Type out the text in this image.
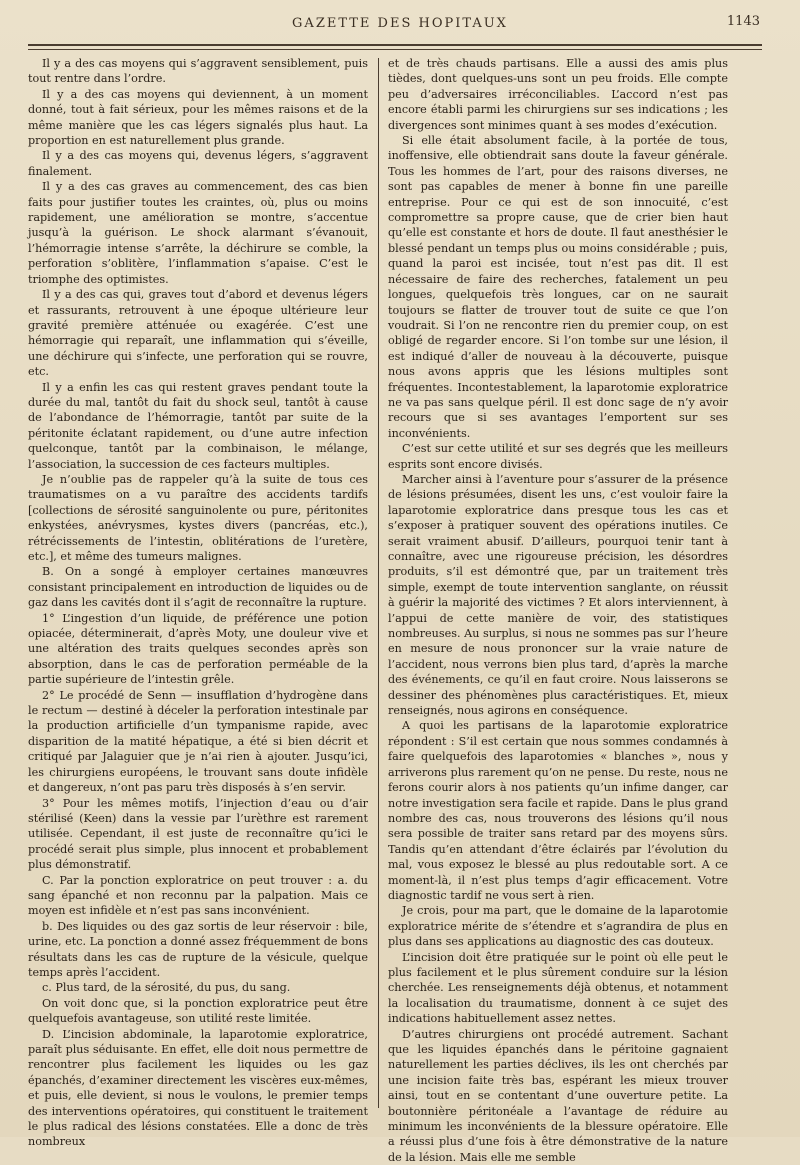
GAZETTE DES HOPITAUX	1143

Il y a des cas moyens qui s’aggravent sensiblement, puis tout rentre dans l’ordre.

Il y a des cas moyens qui deviennent, à un moment donné, tout à fait sérieux, pour les mêmes raisons et de la même manière que les cas légers signalés plus haut. La proportion en est naturellement plus grande.

Il y a des cas moyens qui, devenus légers, s’aggravent finalement.

Il y a des cas graves au commencement, des cas bien faits pour justifier toutes les craintes, où, plus ou moins rapidement, une amélioration se montre, s’accentue jusqu’à la guérison. Le shock alarmant s’évanouit, l’hémorragie intense s’arrête, la déchirure se comble, la perforation s’oblitère, l’inflammation s’apaise. C’est le triomphe des optimistes.

Il y a des cas qui, graves tout d’abord et devenus légers et rassurants, retrouvent à une époque ultérieure leur gravité première atténuée ou exagérée. C’est une hémorragie qui reparaît, une inflammation qui s’éveille, une déchirure qui s’infecte, une perforation qui se rouvre, etc.

Il y a enfin les cas qui restent graves pendant toute la durée du mal, tantôt du fait du shock seul, tantôt à cause de l’abondance de l’hémorragie, tantôt par suite de la péritonite éclatant rapidement, ou d’une autre infection quelconque, tantôt par la combinaison, le mélange, l’association, la succession de ces facteurs multiples.

Je n’oublie pas de rappeler qu’à la suite de tous ces traumatismes on a vu paraître des accidents tardifs [collections de sérosité sanguinolente ou pure, péritonites enkystées, anévrysmes, kystes divers (pancréas, etc.), rétrécissements de l’intestin, oblitérations de l’uretère, etc.], et même des tumeurs malignes.

B. On a songé à employer certaines manœuvres consistant principalement en introduction de liquides ou de gaz dans les cavités dont il s’agit de reconnaître la rupture.

1° L’ingestion d’un liquide, de préférence une potion opiacée, déterminerait, d’après Moty, une douleur vive et une altération des traits quelques secondes après son absorption, dans le cas de perforation perméable de la partie supérieure de l’intestin grêle.

2° Le procédé de Senn — insufflation d’hydrogène dans le rectum — destiné à déceler la perforation intestinale par la production artificielle d’un tympanisme rapide, avec disparition de la matité hépatique, a été si bien décrit et critiqué par Jalaguier que je n’ai rien à ajouter. Jusqu’ici, les chirurgiens européens, le trouvant sans doute infidèle et dangereux, n’ont pas paru très disposés à s’en servir.

3° Pour les mêmes motifs, l’injection d’eau ou d’air stérilisé (Keen) dans la vessie par l’urèthre est rarement utilisée. Cependant, il est juste de reconnaître qu’ici le procédé serait plus simple, plus innocent et probablement plus démonstratif.

C. Par la ponction exploratrice on peut trouver : a. du sang épanché et non reconnu par la palpation. Mais ce moyen est infidèle et n’est pas sans inconvénient.

b. Des liquides ou des gaz sortis de leur réservoir : bile, urine, etc. La ponction a donné assez fréquemment de bons résultats dans les cas de rupture de la vésicule, quelque temps après l’accident.

c. Plus tard, de la sérosité, du pus, du sang.

On voit donc que, si la ponction exploratrice peut être quelquefois avantageuse, son utilité reste limitée.

D. L’incision abdominale, la laparotomie exploratrice, paraît plus séduisante. En effet, elle doit nous permettre de rencontrer plus facilement les liquides ou les gaz épanchés, d’examiner directement les viscères eux-mêmes, et puis, elle devient, si nous le voulons, le premier temps des interventions opératoires, qui constituent le traitement le plus radical des lésions constatées. Elle a donc de très nombreux

et de très chauds partisans. Elle a aussi des amis plus tièdes, dont quelques-uns sont un peu froids. Elle compte peu d’adversaires irréconciliables. L’accord n’est pas encore établi parmi les chirurgiens sur ses indications ; les divergences sont minimes quant à ses modes d’exécution.

Si elle était absolument facile, à la portée de tous, inoffensive, elle obtiendrait sans doute la faveur générale. Tous les hommes de l’art, pour des raisons diverses, ne sont pas capables de mener à bonne fin une pareille entreprise. Pour ce qui est de son innocuité, c’est compromettre sa propre cause, que de crier bien haut qu’elle est constante et hors de doute. Il faut anesthésier le blessé pendant un temps plus ou moins considérable ; puis, quand la paroi est incisée, tout n’est pas dit. Il est nécessaire de faire des recherches, fatalement un peu longues, quelquefois très longues, car on ne saurait toujours se flatter de trouver tout de suite ce que l’on voudrait. Si l’on ne rencontre rien du premier coup, on est obligé de regarder encore. Si l’on tombe sur une lésion, il est indiqué d’aller de nouveau à la découverte, puisque nous avons appris que les lésions multiples sont fréquentes. Incontestablement, la laparotomie exploratrice ne va pas sans quelque péril. Il est donc sage de n’y avoir recours que si ses avantages l’emportent sur ses inconvénients.

C’est sur cette utilité et sur ses degrés que les meilleurs esprits sont encore divisés.

Marcher ainsi à l’aventure pour s’assurer de la présence de lésions présumées, disent les uns, c’est vouloir faire la laparotomie exploratrice dans presque tous les cas et s’exposer à pratiquer souvent des opérations inutiles. Ce serait vraiment abusif. D’ailleurs, pourquoi tenir tant à connaître, avec une rigoureuse précision, les désordres produits, s’il est démontré que, par un traitement très simple, exempt de toute intervention sanglante, on réussit à guérir la majorité des victimes ? Et alors interviennent, à l’appui de cette manière de voir, des statistiques nombreuses. Au surplus, si nous ne sommes pas sur l’heure en mesure de nous prononcer sur la vraie nature de l’accident, nous verrons bien plus tard, d’après la marche des événements, ce qu’il en faut croire. Nous laisserons se dessiner des phénomènes plus caractéristiques. Et, mieux renseignés, nous agirons en conséquence.

A quoi les partisans de la laparotomie exploratrice répondent : S’il est certain que nous sommes condamnés à faire quelquefois des laparotomies « blanches », nous y arriverons plus rarement qu’on ne pense. Du reste, nous ne ferons courir alors à nos patients qu’un infime danger, car notre investigation sera facile et rapide. Dans le plus grand nombre des cas, nous trouverons des lésions qu’il nous sera possible de traiter sans retard par des moyens sûrs. Tandis qu’en attendant d’être éclairés par l’évolution du mal, vous exposez le blessé au plus redoutable sort. A ce moment-là, il n’est plus temps d’agir efficacement. Votre diagnostic tardif ne vous sert à rien.

Je crois, pour ma part, que le domaine de la laparotomie exploratrice mérite de s’étendre et s’agrandira de plus en plus dans ses applications au diagnostic des cas douteux.

L’incision doit être pratiquée sur le point où elle peut le plus facilement et le plus sûrement conduire sur la lésion cherchée. Les renseignements déjà obtenus, et notamment la localisation du traumatisme, donnent à ce sujet des indications habituellement assez nettes.

D’autres chirurgiens ont procédé autrement. Sachant que les liquides épanchés dans le péritoine gagnaient naturellement les parties déclives, ils les ont cherchés par une incision faite très bas, espérant les mieux trouver ainsi, tout en se contentant d’une ouverture petite. La boutonnière péritonéale a l’avantage de réduire au minimum les inconvénients de la blessure opératoire. Elle a réussi plus d’une fois à être démonstrative de la nature de la lésion. Mais elle me semble
